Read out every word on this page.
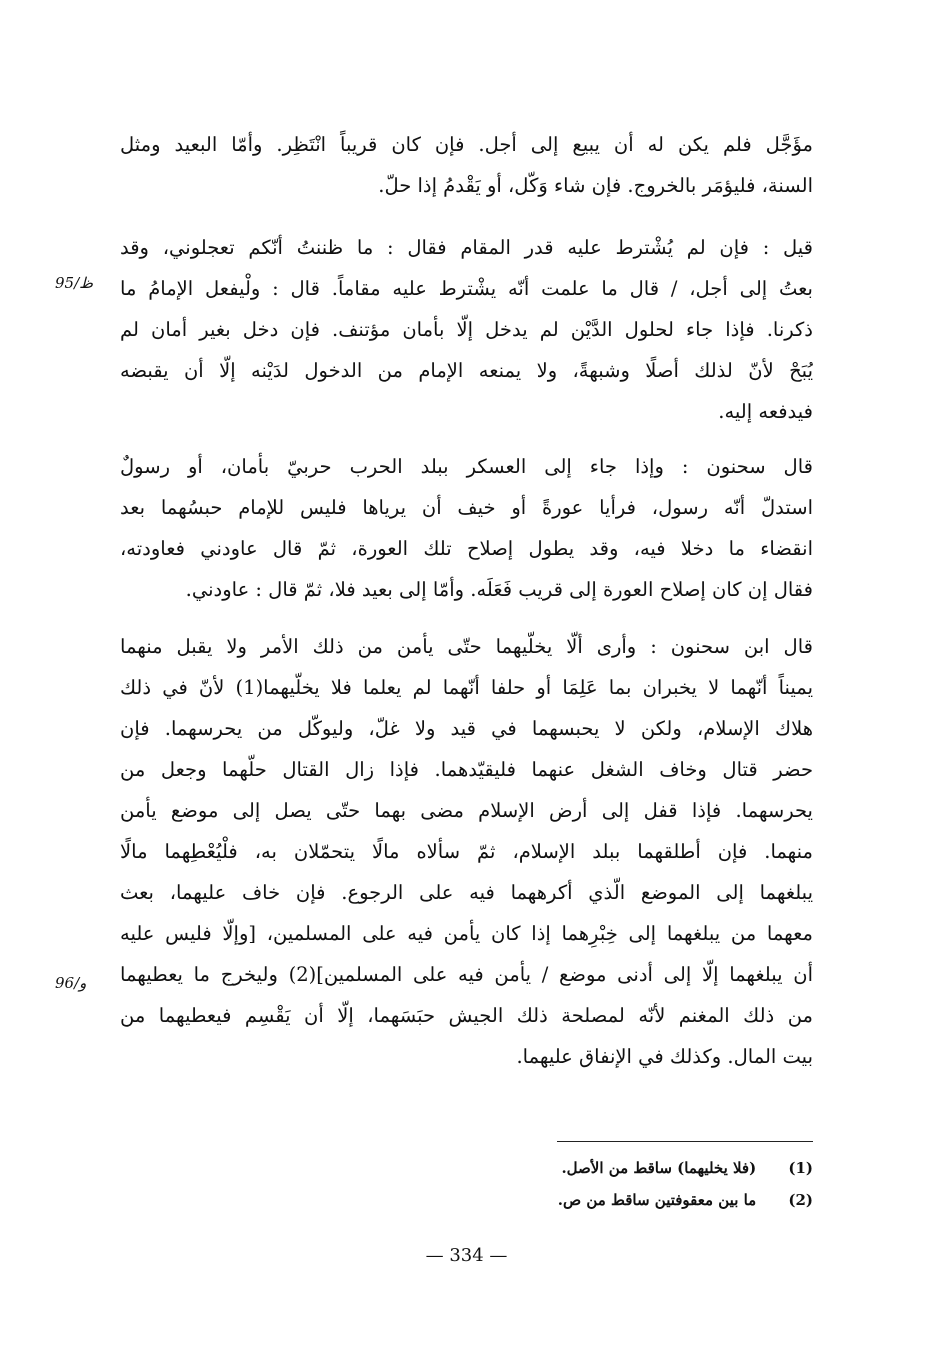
مؤَجَّل فلم يكن له أن يبيع إلى أجل. فإن كان قريباً انْتَظِر. وأمّا البعيد ومثل
السنة، فليؤمَر بالخروج. فإن شاء وَكّل، أو يَقْدمُ إذا حلّ.
قيل : فإن لم يُشْترط عليه قدر المقام فقال : ما ظننتُ أنّكم تعجلوني، وقد
بعتُ إلى أجل، / قال ما علمت أنّه يشْترط عليه مقاماً. قال : ولْيفعل الإمامُ ما
ذكرنا. فإذا جاء لحلول الدَّيْن لم يدخل إلّا بأمان مؤتنف. فإن دخل بغير أمان لم
يُبَحْ لأنّ لذلك أصلًا وشبهةً، ولا يمنعه الإمام من الدخول لدَيْنه إلّا أن يقبضه
فيدفعه إليه.
قال سحنون : وإذا جاء إلى العسكر ببلد الحرب حربيّ بأمان، أو رسولٌ
استدلّ أنّه رسول، فرأيا عورةً أو خيف أن يرياها فليس للإمام حبسُهما بعد
انقضاء ما دخلا فيه، وقد يطول إصلاح تلك العورة، ثمّ قال عاودني فعاودته،
فقال إن كان إصلاح العورة إلى قريب فَعَلَه. وأمّا إلى بعيد فلا، ثمّ قال : عاودني.
قال ابن سحنون : وأرى ألّا يخلّيهما حتّى يأمن من ذلك الأمر ولا يقبل منهما
يميناً أنّهما لا يخبران بما عَلِمَا أو حلفا أنّهما لم يعلما فلا يخلّيهما(1) لأنّ في ذلك
هلاك الإسلام، ولكن لا يحبسهما في قيد ولا غلّ، وليوكّل من يحرسهما. فإن
حضر قتال وخاف الشغل عنهما فليقيّدهما. فإذا زال القتال حلّهما وجعل من
يحرسهما. فإذا قفل إلى أرض الإسلام مضى بهما حتّى يصل إلى موضع يأمن
منهما. فإن أطلقهما ببلد الإسلام، ثمّ سألاه مالًا يتحمّلان به، فلْيُعْطِهما مالًا
يبلغهما إلى الموضع الّذي أكرههما فيه على الرجوع. فإن خاف عليهما، بعث
معهما من يبلغهما إلى خِبْرِهما إذا كان يأمن فيه على المسلمين، [وإلّا فليس عليه
أن يبلغهما إلّا إلى أدنى موضع / يأمن فيه على المسلمين](2) وليخرج ما يعطيهما
من ذلك المغنم لأنّه لمصلحة ذلك الجيش حبَسَهما، إلّا أن يَقْسِم فيعطيهما من
بيت المال. وكذلك في الإنفاق عليهما.
95/ظ
96/و
(1) (فلا يخليهما) ساقط من الأصل.
(2) ما بين معقوفتين ساقط من ص.
— 334 —
